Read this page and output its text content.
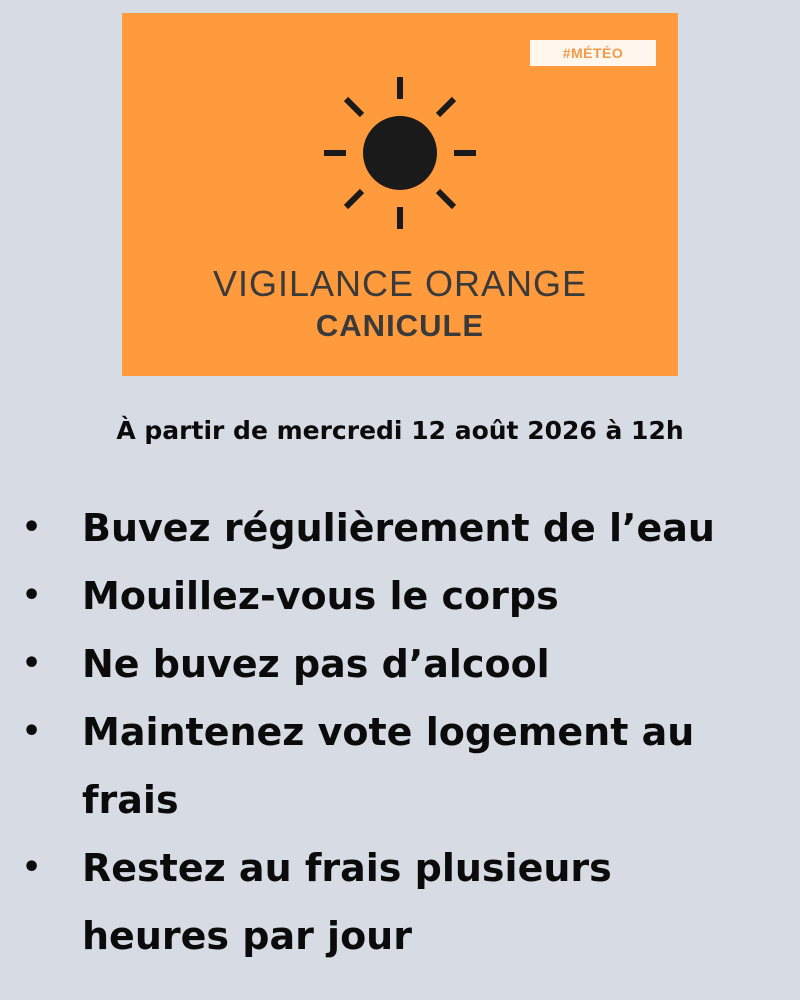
#MÉTÉO
VIGILANCE ORANGE
CANICULE
À partir de mercredi 12 août 2026 à 12h
• Buvez régulièrement de l’eau
• Mouillez-vous le corps
• Ne buvez pas d’alcool
• Maintenez vote logement au frais
• Restez au frais plusieurs heures par jour
